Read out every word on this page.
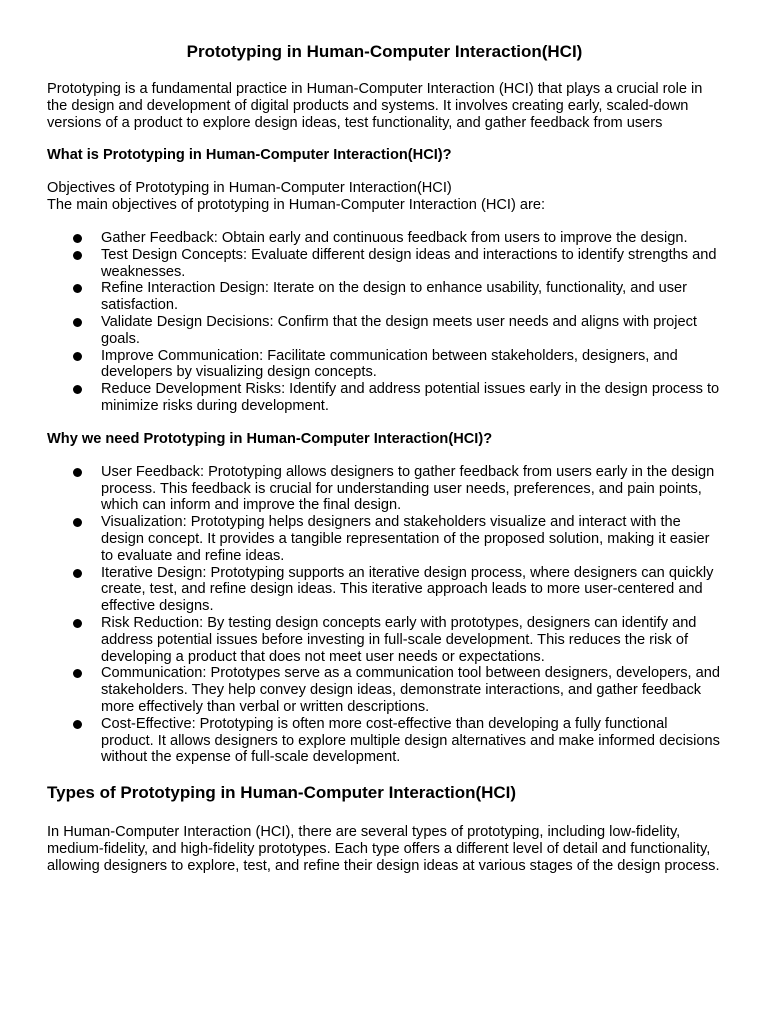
Prototyping in Human-Computer Interaction(HCI)

Prototyping is a fundamental practice in Human-Computer Interaction (HCI) that plays a crucial role in the design and development of digital products and systems. It involves creating early, scaled-down versions of a product to explore design ideas, test functionality, and gather feedback from users

What is Prototyping in Human-Computer Interaction(HCI)?

Objectives of Prototyping in Human-Computer Interaction(HCI)

The main objectives of prototyping in Human-Computer Interaction (HCI) are:

Gather Feedback: Obtain early and continuous feedback from users to improve the design.
Test Design Concepts: Evaluate different design ideas and interactions to identify strengths and weaknesses.
Refine Interaction Design: Iterate on the design to enhance usability, functionality, and user satisfaction.
Validate Design Decisions: Confirm that the design meets user needs and aligns with project goals.
Improve Communication: Facilitate communication between stakeholders, designers, and developers by visualizing design concepts.
Reduce Development Risks: Identify and address potential issues early in the design process to minimize risks during development.
Why we need Prototyping in Human-Computer Interaction(HCI)?
User Feedback: Prototyping allows designers to gather feedback from users early in the design process. This feedback is crucial for understanding user needs, preferences, and pain points, which can inform and improve the final design.
Visualization: Prototyping helps designers and stakeholders visualize and interact with the design concept. It provides a tangible representation of the proposed solution, making it easier to evaluate and refine ideas.
Iterative Design: Prototyping supports an iterative design process, where designers can quickly create, test, and refine design ideas. This iterative approach leads to more user-centered and effective designs.
Risk Reduction: By testing design concepts early with prototypes, designers can identify and address potential issues before investing in full-scale development. This reduces the risk of developing a product that does not meet user needs or expectations.
Communication: Prototypes serve as a communication tool between designers, developers, and stakeholders. They help convey design ideas, demonstrate interactions, and gather feedback more effectively than verbal or written descriptions.
Cost-Effective: Prototyping is often more cost-effective than developing a fully functional product. It allows designers to explore multiple design alternatives and make informed decisions without the expense of full-scale development.
Types of Prototyping in Human-Computer Interaction(HCI)

In Human-Computer Interaction (HCI), there are several types of prototyping, including low-fidelity, medium-fidelity, and high-fidelity prototypes. Each type offers a different level of detail and functionality, allowing designers to explore, test, and refine their design ideas at various stages of the design process.
